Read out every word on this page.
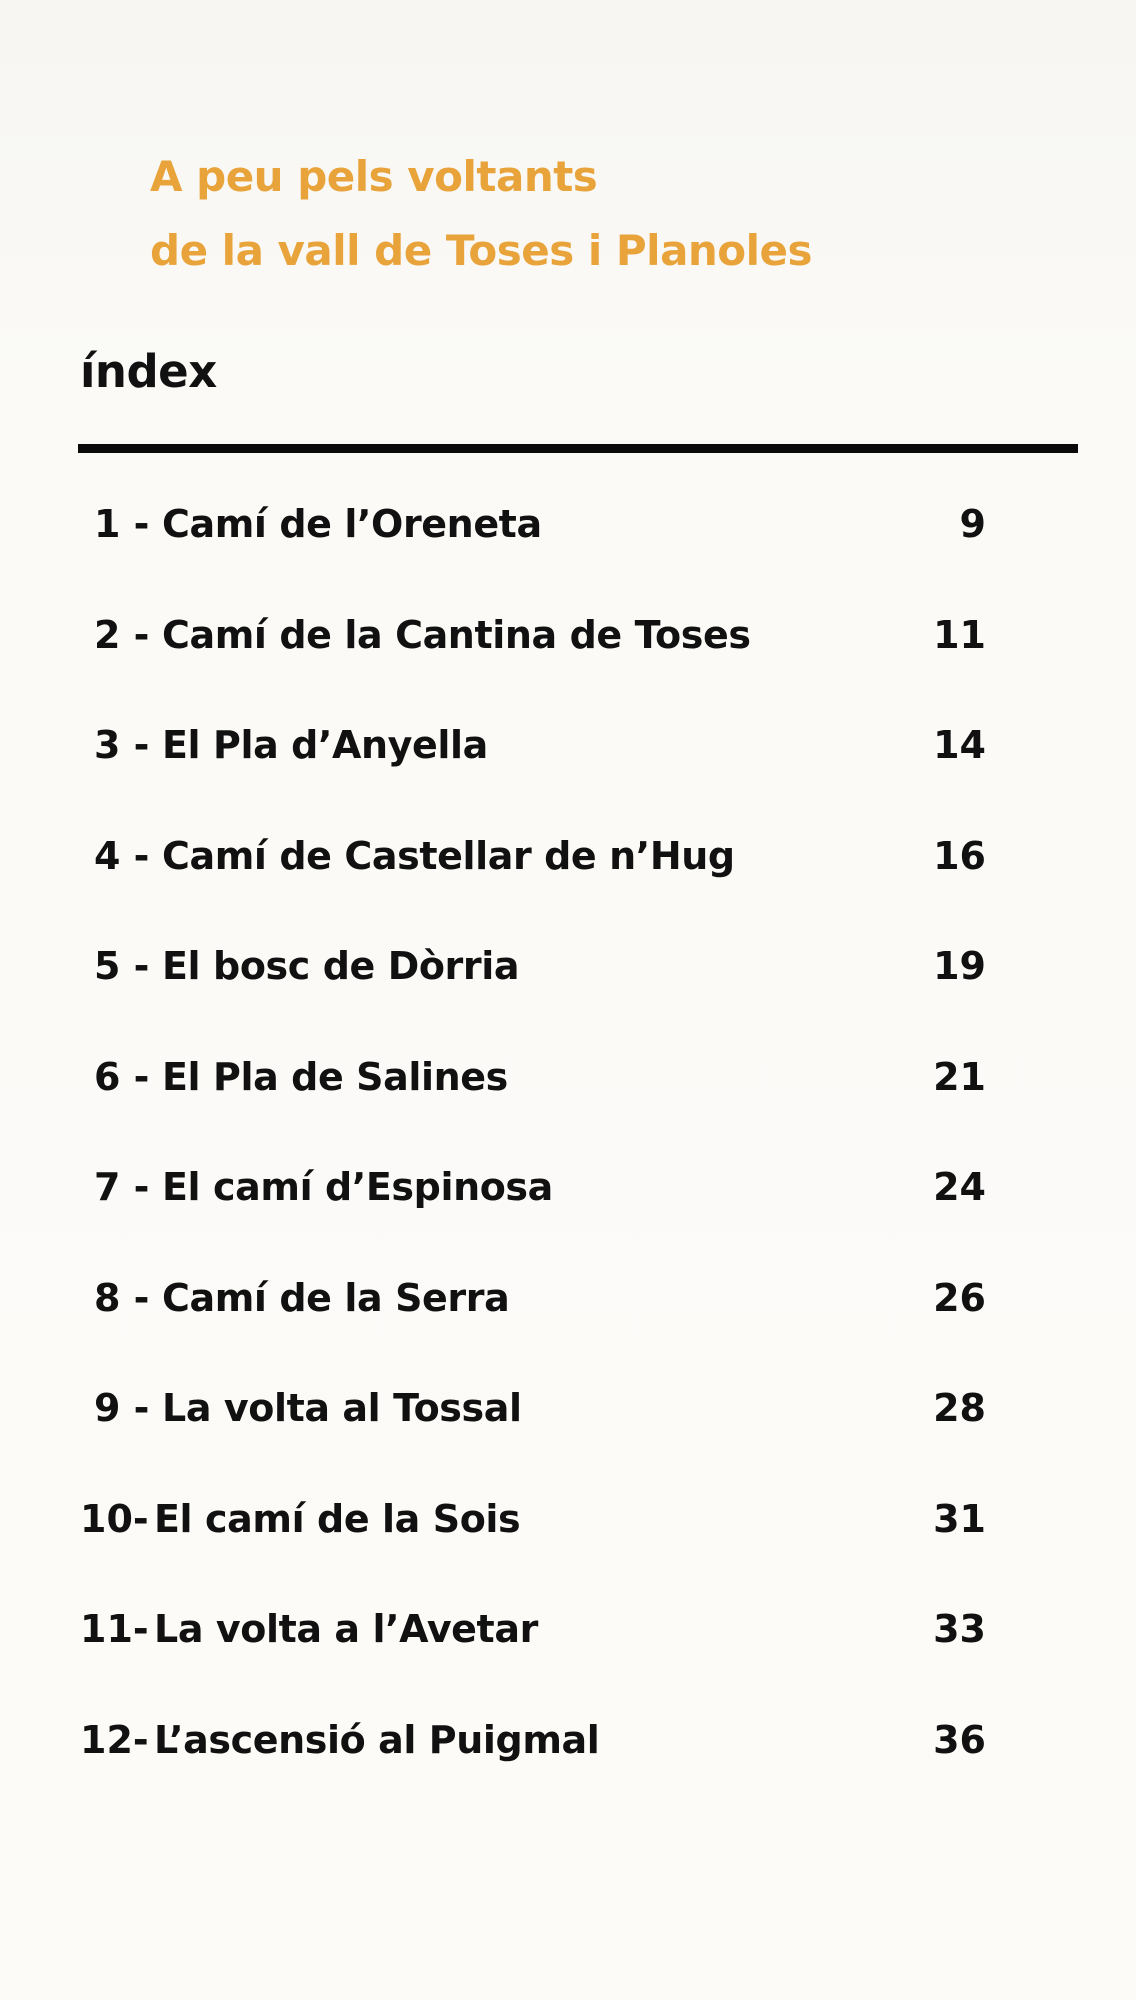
A peu pels voltants
de la vall de Toses i Planoles
índex
1 - Camí de l’Oreneta	9
2 - Camí de la Cantina de Toses	11
3 - El Pla d’Anyella	14
4 - Camí de Castellar de n’Hug	16
5 - El bosc de Dòrria	19
6 - El Pla de Salines	21
7 - El camí d’Espinosa	24
8 - Camí de la Serra	26
9 - La volta al Tossal	28
10- El camí de la Sois	31
11- La volta a l’Avetar	33
12- L’ascensió al Puigmal	36
